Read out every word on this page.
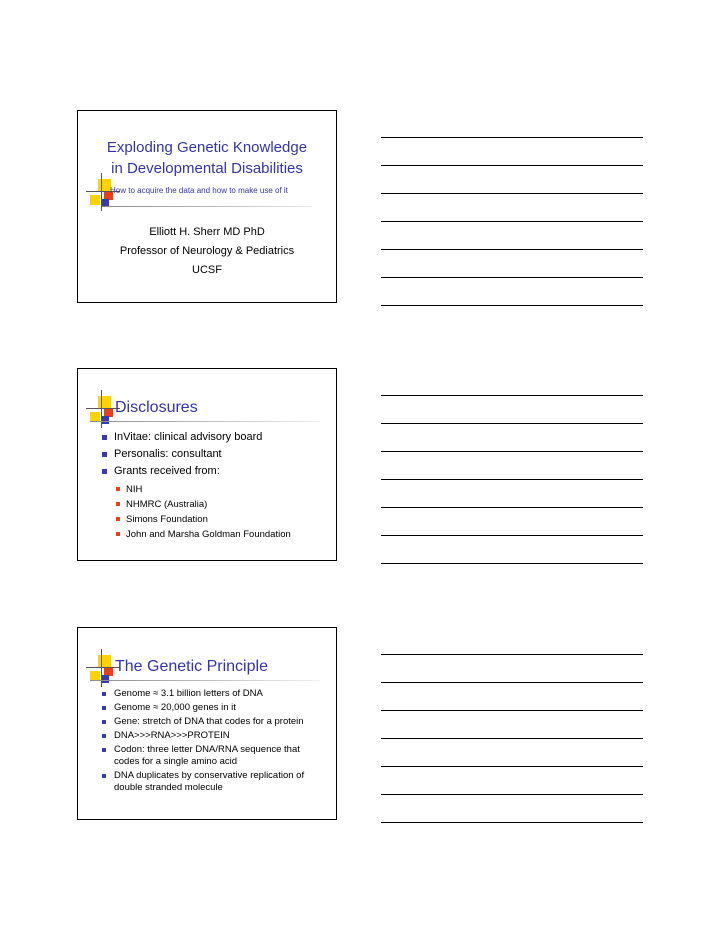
Exploding Genetic Knowledge
in Developmental Disabilities
How to acquire the data and how to make use of it
Elliott H. Sherr MD PhD
Professor of Neurology & Pediatrics
UCSF
Disclosures
InVitae: clinical advisory board
Personalis: consultant
Grants received from:
NIH
NHMRC (Australia)
Simons Foundation
John and Marsha Goldman Foundation
The Genetic Principle
Genome ≈ 3.1 billion letters of DNA
Genome ≈ 20,000 genes in it
Gene: stretch of DNA that codes for a protein
DNA>>>RNA>>>PROTEIN
Codon: three letter DNA/RNA sequence that codes for a single amino acid
DNA duplicates by conservative replication of double stranded molecule
